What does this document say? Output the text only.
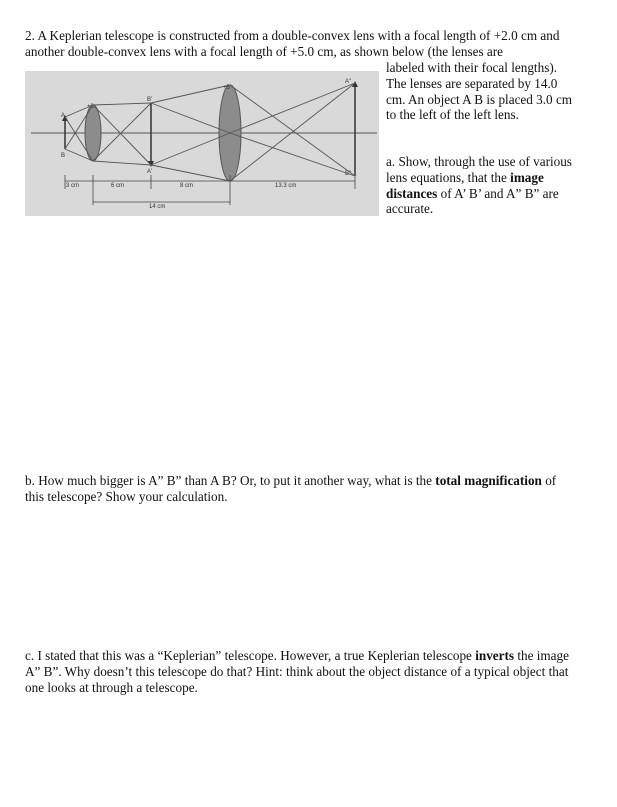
2. A Keplerian telescope is constructed from a double-convex lens with a focal length of +2.0 cm and another double-convex lens with a focal length of +5.0 cm, as shown below (the lenses are

labeled with their focal lengths). The lenses are separated by 14.0 cm. An object A B is placed 3.0 cm to the left of the left lens.

A
B
+2
B'
A'
+5
A"
B"
3 cm	6 cm	8 cm	13.3 cm
14 cm

a. Show, through the use of various lens equations, that the image distances of A’ B’ and A” B” are accurate.

b. How much bigger is A” B” than A B? Or, to put it another way, what is the total magnification of this telescope? Show your calculation.

c. I stated that this was a “Keplerian” telescope. However, a true Keplerian telescope inverts the image A” B”. Why doesn’t this telescope do that? Hint: think about the object distance of a typical object that one looks at through a telescope.
